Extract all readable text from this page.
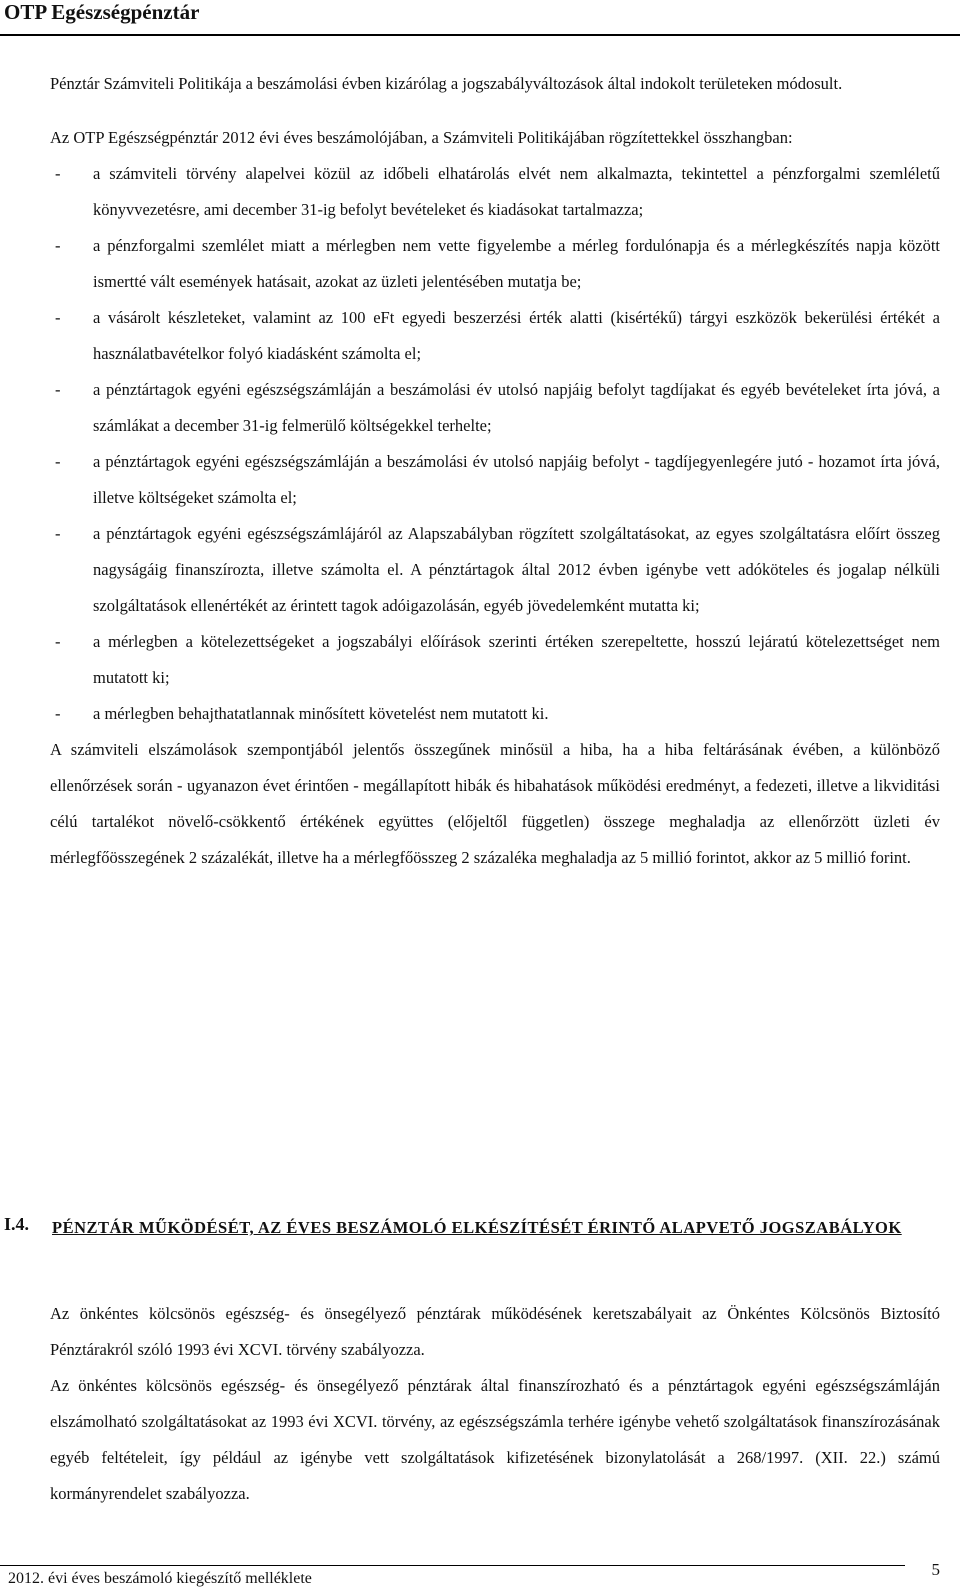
OTP Egészségpénztár

Pénztár Számviteli Politikája a beszámolási évben kizárólag a jogszabályváltozások által indokolt területeken módosult.

Az OTP Egészségpénztár 2012 évi éves beszámolójában, a Számviteli Politikájában rögzítettekkel összhangban:

- a számviteli törvény alapelvei közül az időbeli elhatárolás elvét nem alkalmazta, tekintettel a pénzforgalmi szemléletű könyvvezetésre, ami december 31-ig befolyt bevételeket és kiadásokat tartalmazza;
- a pénzforgalmi szemlélet miatt a mérlegben nem vette figyelembe a mérleg fordulónapja és a mérlegkészítés napja között ismertté vált események hatásait, azokat az üzleti jelentésében mutatja be;
- a vásárolt készleteket, valamint az 100 eFt egyedi beszerzési érték alatti (kisértékű) tárgyi eszközök bekerülési értékét a használatbavételkor folyó kiadásként számolta el;
- a pénztártagok egyéni egészségszámláján a beszámolási év utolsó napjáig befolyt tagdíjakat és egyéb bevételeket írta jóvá, a számlákat a december 31-ig felmerülő költségekkel terhelte;
- a pénztártagok egyéni egészségszámláján a beszámolási év utolsó napjáig befolyt - tagdíjegyenlegére jutó - hozamot írta jóvá, illetve költségeket számolta el;
- a pénztártagok egyéni egészségszámlájáról az Alapszabályban rögzített szolgáltatásokat, az egyes szolgáltatásra előírt összeg nagyságáig finanszírozta, illetve számolta el. A pénztártagok által 2012 évben igénybe vett adóköteles és jogalap nélküli szolgáltatások ellenértékét az érintett tagok adóigazolásán, egyéb jövedelemként mutatta ki;
- a mérlegben a kötelezettségeket a jogszabályi előírások szerinti értéken szerepeltette, hosszú lejáratú kötelezettséget nem mutatott ki;
- a mérlegben behajthatatlannak minősített követelést nem mutatott ki.

A számviteli elszámolások szempontjából jelentős összegűnek minősül a hiba, ha a hiba feltárásának évében, a különböző ellenőrzések során - ugyanazon évet érintően - megállapított hibák és hibahatások működési eredményt, a fedezeti, illetve a likviditási célú tartalékot növelő-csökkentő értékének együttes (előjeltől független) összege meghaladja az ellenőrzött üzleti év mérlegfőösszegének 2 százalékát, illetve ha a mérlegfőösszeg 2 százaléka meghaladja az 5 millió forintot, akkor az 5 millió forint.

I.4. PÉNZTÁR MŰKÖDÉSÉT, AZ ÉVES BESZÁMOLÓ ELKÉSZÍTÉSÉT ÉRINTŐ ALAPVETŐ JOGSZABÁLYOK

Az önkéntes kölcsönös egészség- és önsegélyező pénztárak működésének keretszabályait az Önkéntes Kölcsönös Biztosító Pénztárakról szóló 1993 évi XCVI. törvény szabályozza.

Az önkéntes kölcsönös egészség- és önsegélyező pénztárak által finanszírozható és a pénztártagok egyéni egészségszámláján elszámolható szolgáltatásokat az 1993 évi XCVI. törvény, az egészségszámla terhére igénybe vehető szolgáltatások finanszírozásának egyéb feltételeit, így például az igénybe vett szolgáltatások kifizetésének bizonylatolását a 268/1997. (XII. 22.) számú kormányrendelet szabályozza.

2012. évi éves beszámoló kiegészítő melléklete	5
